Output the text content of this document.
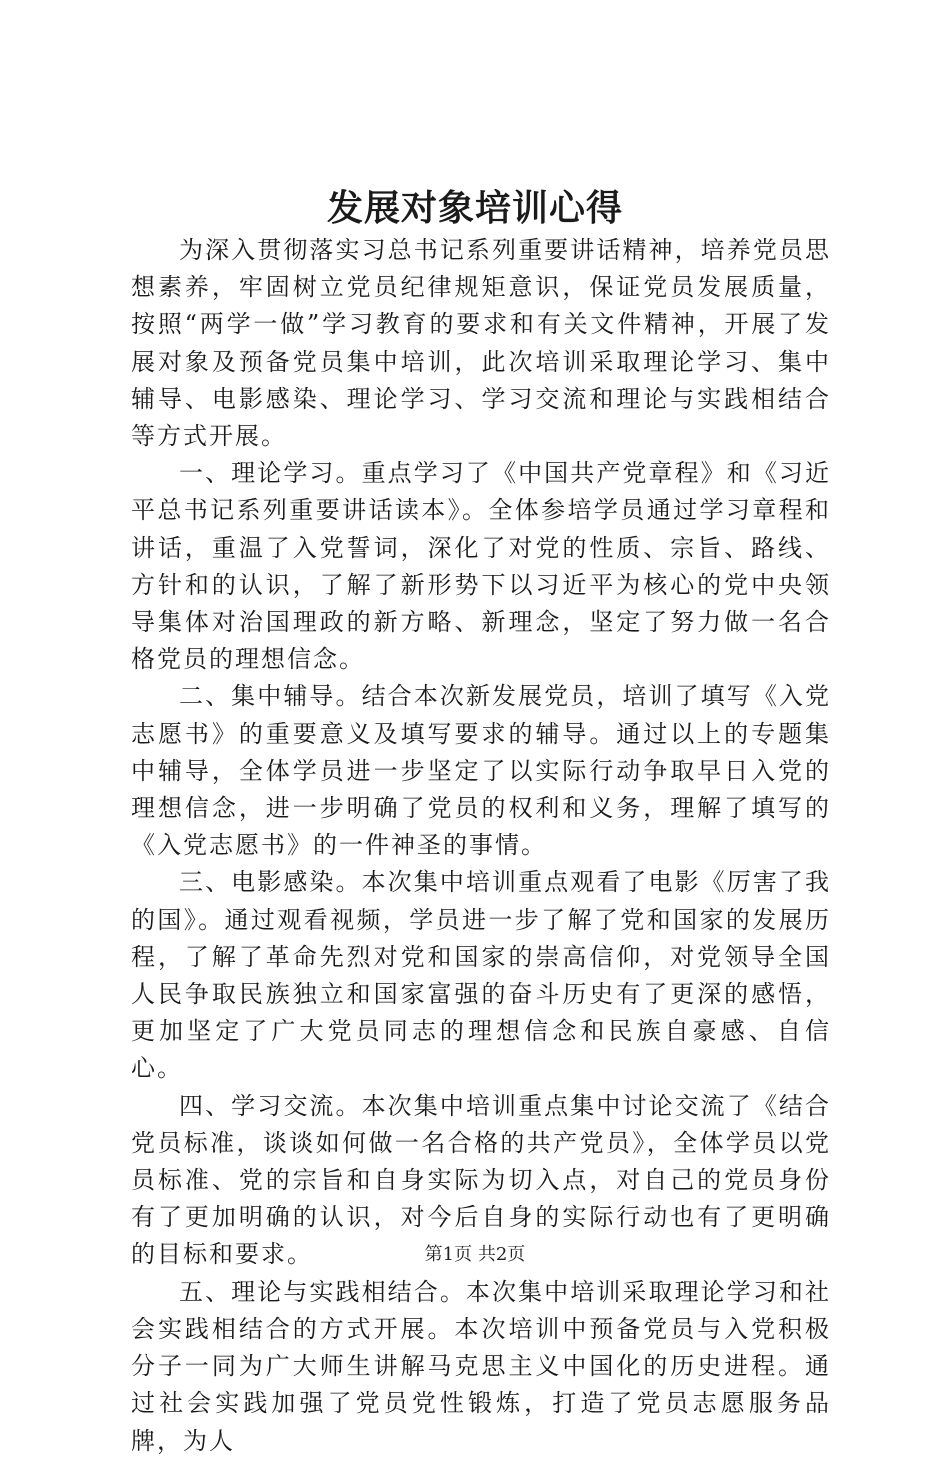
发展对象培训心得

为深入贯彻落实习总书记系列重要讲话精神，培养党员思想素养，牢固树立党员纪律规矩意识，保证党员发展质量，按照“两学一做”学习教育的要求和有关文件精神，开展了发展对象及预备党员集中培训，此次培训采取理论学习、集中辅导、电影感染、理论学习、学习交流和理论与实践相结合等方式开展。

一、理论学习。重点学习了《中国共产党章程》和《习近平总书记系列重要讲话读本》。全体参培学员通过学习章程和讲话，重温了入党誓词，深化了对党的性质、宗旨、路线、方针和的认识，了解了新形势下以习近平为核心的党中央领导集体对治国理政的新方略、新理念，坚定了努力做一名合格党员的理想信念。

二、集中辅导。结合本次新发展党员，培训了填写《入党志愿书》的重要意义及填写要求的辅导。通过以上的专题集中辅导，全体学员进一步坚定了以实际行动争取早日入党的理想信念，进一步明确了党员的权利和义务，理解了填写的《入党志愿书》的一件神圣的事情。

三、电影感染。本次集中培训重点观看了电影《厉害了我的国》。通过观看视频，学员进一步了解了党和国家的发展历程，了解了革命先烈对党和国家的崇高信仰，对党领导全国人民争取民族独立和国家富强的奋斗历史有了更深的感悟，更加坚定了广大党员同志的理想信念和民族自豪感、自信心。

四、学习交流。本次集中培训重点集中讨论交流了《结合党员标准，谈谈如何做一名合格的共产党员》，全体学员以党员标准、党的宗旨和自身实际为切入点，对自己的党员身份有了更加明确的认识，对今后自身的实际行动也有了更明确的目标和要求。

五、理论与实践相结合。本次集中培训采取理论学习和社会实践相结合的方式开展。本次培训中预备党员与入党积极分子一同为广大师生讲解马克思主义中国化的历史进程。通过社会实践加强了党员党性锻炼，打造了党员志愿服务品牌，为人

第1页 共2页
